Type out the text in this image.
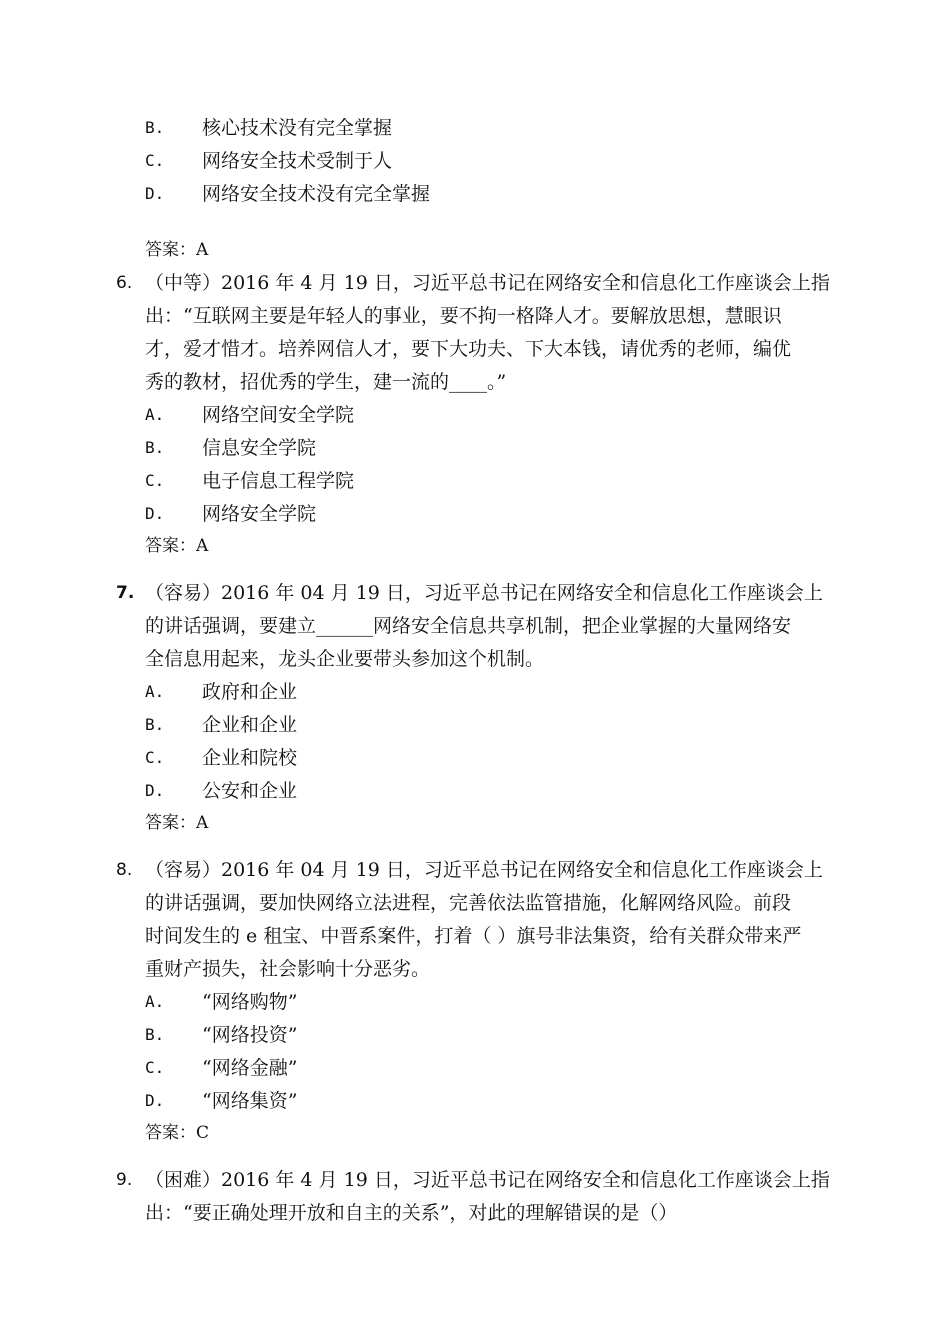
B. 核心技术没有完全掌握
C. 网络安全技术受制于人
D. 网络安全技术没有完全掌握
答案：A
6. （中等）2016 年 4 月 19 日，习近平总书记在网络安全和信息化工作座谈会上指
出：“互联网主要是年轻人的事业，要不拘一格降人才。要解放思想，慧眼识
才，爱才惜才。培养网信人才，要下大功夫、下大本钱，请优秀的老师，编优
秀的教材，招优秀的学生，建一流的____。”
A. 网络空间安全学院
B. 信息安全学院
C. 电子信息工程学院
D. 网络安全学院
答案：A
7. （容易）2016 年 04 月 19 日，习近平总书记在网络安全和信息化工作座谈会上
的讲话强调，要建立______网络安全信息共享机制，把企业掌握的大量网络安
全信息用起来，龙头企业要带头参加这个机制。
A. 政府和企业
B. 企业和企业
C. 企业和院校
D. 公安和企业
答案：A
8. （容易）2016 年 04 月 19 日，习近平总书记在网络安全和信息化工作座谈会上
的讲话强调，要加快网络立法进程，完善依法监管措施，化解网络风险。前段
时间发生的 e 租宝、中晋系案件，打着（ ）旗号非法集资，给有关群众带来严
重财产损失，社会影响十分恶劣。
A. “网络购物”
B. “网络投资”
C. “网络金融”
D. “网络集资”
答案：C
9. （困难）2016 年 4 月 19 日，习近平总书记在网络安全和信息化工作座谈会上指
出：“要正确处理开放和自主的关系”，对此的理解错误的是（）
